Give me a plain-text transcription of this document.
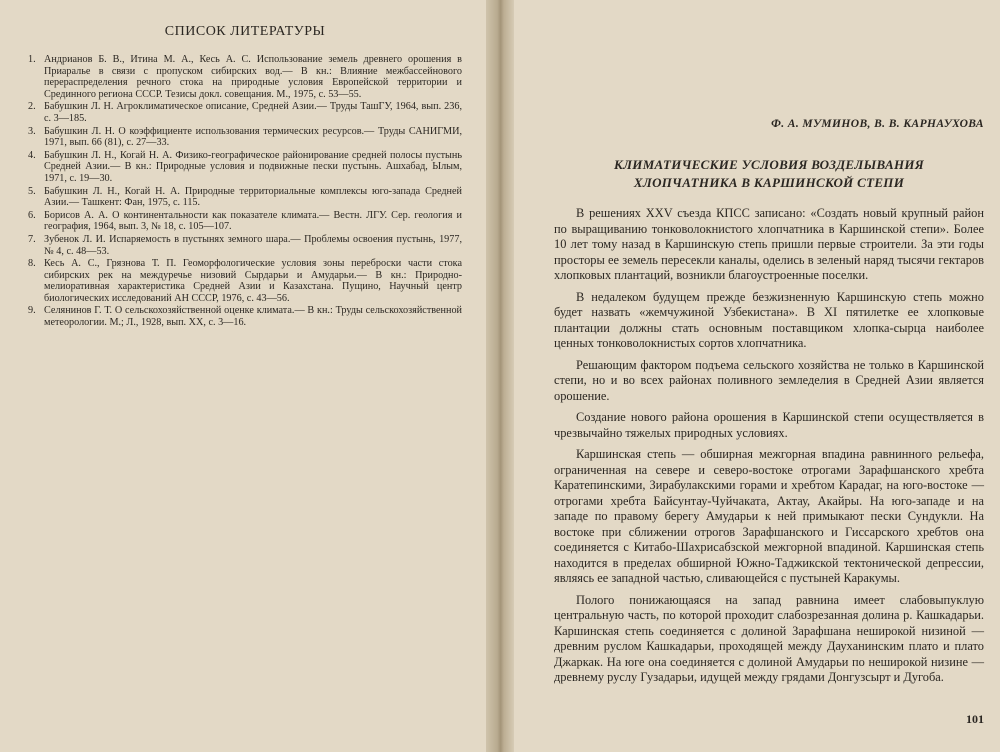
СПИСОК ЛИТЕРАТУРЫ
1. Андрианов Б. В., Итина М. А., Кесь А. С. Использование земель древнего орошения в Приаралье в связи с пропуском сибирских вод.— В кн.: Влияние межбассейнового перераспределения речного стока на природные условия Европейской территории и Срединного региона СССР. Тезисы докл. совещания. М., 1975, с. 53—55.
2. Бабушкин Л. Н. Агроклиматическое описание, Средней Азии.— Труды ТашГУ, 1964, вып. 236, с. 3—185.
3. Бабушкин Л. Н. О коэффициенте использования термических ресурсов.— Труды САНИГМИ, 1971, вып. 66 (81), с. 27—33.
4. Бабушкин Л. Н., Когай Н. А. Физико-географическое районирование средней полосы пустынь Средней Азии.— В кн.: Природные условия и подвижные пески пустынь. Ашхабад, Ылым, 1971, с. 19—30.
5. Бабушкин Л. Н., Когай Н. А. Природные территориальные комплексы юго-запада Средней Азии.— Ташкент: Фан, 1975, с. 115.
6. Борисов А. А. О континентальности как показателе климата.— Вестн. ЛГУ. Сер. геология и география, 1964, вып. 3, № 18, с. 105—107.
7. Зубенок Л. И. Испаряемость в пустынях земного шара.— Проблемы освоения пустынь, 1977, № 4, с. 48—53.
8. Кесь А. С., Грязнова Т. П. Геоморфологические условия зоны переброски части стока сибирских рек на междуречье низовий Сырдарьи и Амударьи.— В кн.: Природно-мелиоративная характеристика Средней Азии и Казахстана. Пущино, Научный центр биологических исследований АН СССР, 1976, с. 43—56.
9. Селянинов Г. Т. О сельскохозяйственной оценке климата.— В кн.: Труды сельскохозяйственной метеорологии. М.; Л., 1928, вып. XX, с. 3—16.
Ф. А. МУМИНОВ, В. В. КАРНАУХОВА
КЛИМАТИЧЕСКИЕ УСЛОВИЯ ВОЗДЕЛЫВАНИЯ
ХЛОПЧАТНИКА В КАРШИНСКОЙ СТЕПИ

В решениях XXV съезда КПСС записано: «Создать новый крупный район по выращиванию тонковолокнистого хлопчатника в Каршинской степи». Более 10 лет тому назад в Каршинскую степь пришли первые строители. За эти годы просторы ее земель пересекли каналы, оделись в зеленый наряд тысячи гектаров хлопковых плантаций, возникли благоустроенные поселки.

В недалеком будущем прежде безжизненную Каршинскую степь можно будет назвать «жемчужиной Узбекистана». В XI пятилетке ее хлопковые плантации должны стать основным поставщиком хлопка-сырца наиболее ценных тонковолокнистых сортов хлопчатника.

Решающим фактором подъема сельского хозяйства не только в Каршинской степи, но и во всех районах поливного земледелия в Средней Азии является орошение.

Создание нового района орошения в Каршинской степи осуществляется в чрезвычайно тяжелых природных условиях.

Каршинская степь — обширная межгорная впадина равнинного рельефа, ограниченная на севере и северо-востоке отрогами Зарафшанского хребта Каратепинскими, Зирабулакскими горами и хребтом Карадаг, на юго-востоке — отрогами хребта Байсунтау-Чуйчаката, Актау, Акайры. На юго-западе и на западе по правому берегу Амударьи к ней примыкают пески Сундукли. На востоке при сближении отрогов Зарафшанского и Гиссарского хребтов она соединяется с Китабо-Шахрисабзской межгорной впадиной. Каршинская степь находится в пределах обширной Южно-Таджикской тектонической депрессии, являясь ее западной частью, сливающейся с пустыней Каракумы.

Полого понижающаяся на запад равнина имеет слабовыпуклую центральную часть, по которой проходит слабозрезанная долина р. Кашкадарьи. Каршинская степь соединяется с долиной Зарафшана неширокой низиной — древним руслом Кашкадарьи, проходящей между Дауханинским плато и плато Джаркак. На юге она соединяется с долиной Амударьи по неширокой низине — древнему руслу Гузадарьи, идущей между грядами Донгузсырт и Дугоба.

101
